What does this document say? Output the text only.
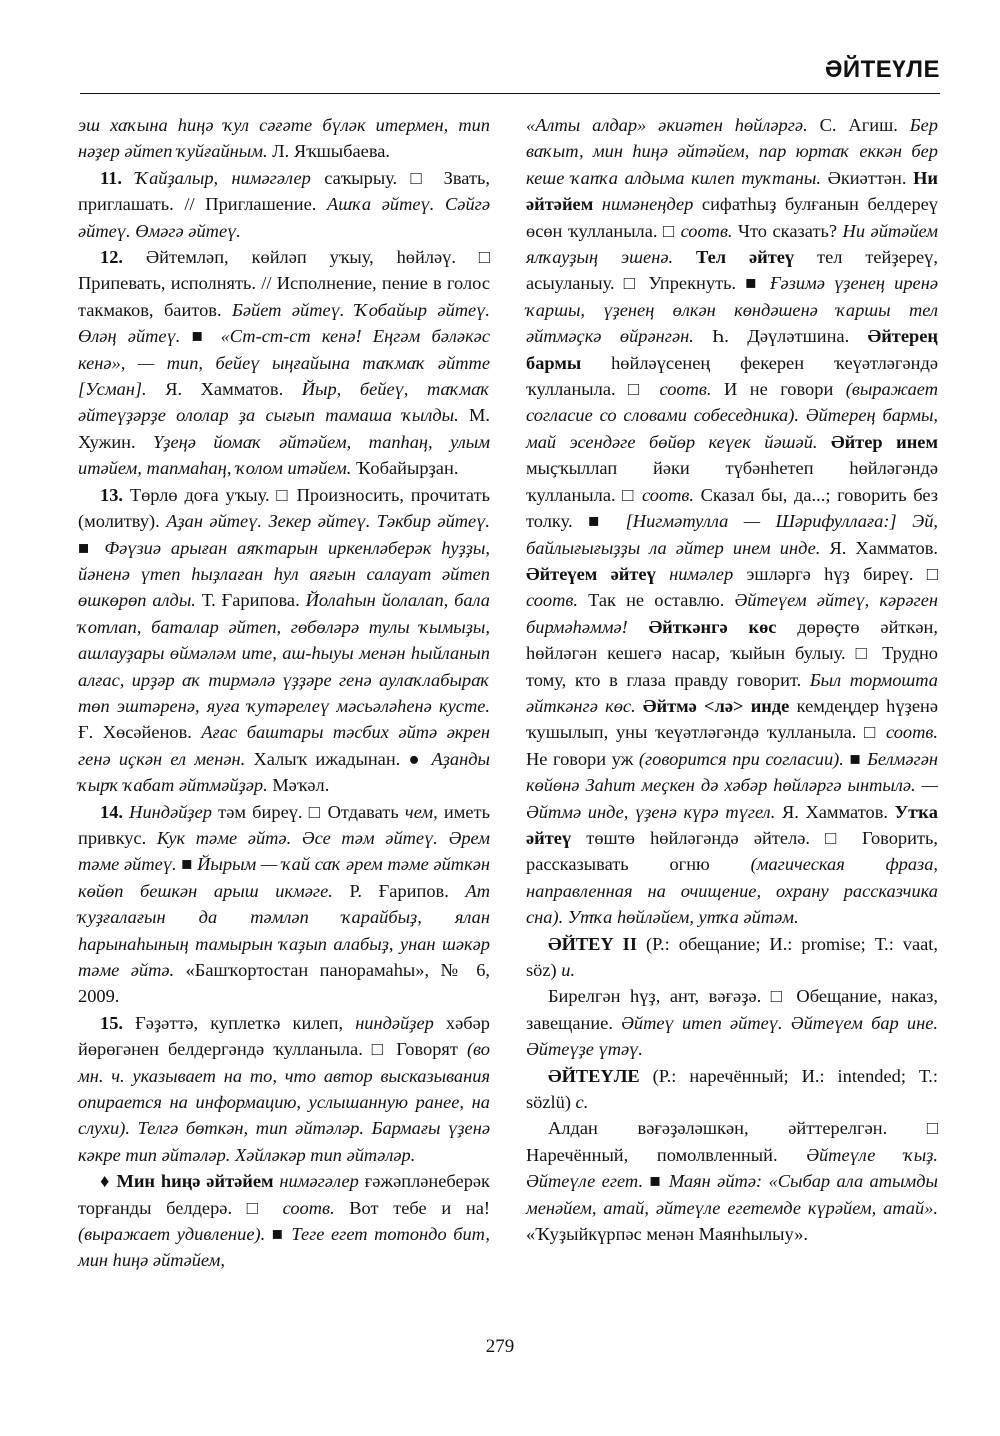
ӘЙТЕҮЛЕ

эш хаҡына һиңә ҡул сәғәте бүләк итермен, тип нәҙер әйтеп ҡуйғайным. Л. Яҡшыбаева.

11. Ҡайҙалыр, нимәгәлер саҡырыу. □ Звать, приглашать. // Приглашение. Ашҡа әйтеү. Сәйгә әйтеү. Өмәгә әйтеү.

12. Әйтемләп, көйләп уҡыу, һөйләү. □ Припевать, исполнять. // Исполнение, пение в голос такмаков, баитов. Бәйет әйтеү. Ҡобайыр әйтеү. Өләң әйтеү. ■ «Ст-ст-ст кенә! Еңгәм бәләкәс кенә», — тип, бейеү ыңғайына таҡмаҡ әйтте [Усман]. Я. Хамматов. Йыр, бейеү, таҡмаҡ әйтеүҙәрҙе ололар ҙа сығып тамаша ҡылды. М. Хужин. Үҙеңә йомаҡ әйтәйем, тапһаң, улым итәйем, тапмаһаң, ҡолом итәйем. Ҡобайырҙан.

13. Төрлө доға уҡыу. □ Произносить, прочитать (молитву). Аҙан әйтеү. Зекер әйтеү. Тәкбир әйтеү. ■ Фәүзиә арыған аяҡтарын иркенләберәк һуҙҙы, йәненә үтеп һыҙлаған һул аяғын салауат әйтеп өшкөрөп алды. Т. Ғарипова. Йолаһын йолалап, бала ҡотлап, баталар әйтеп, гөбөләрә тулы ҡымыҙы, ашлауҙары өймәләм ите, аш-һыуы менән һыйланып алғас, ирҙәр аҡ тирмәлә үҙҙәре генә аулаҡлабыраҡ төп эштәренә, яуға ҡутәрелеү мәсьәләһенә кусте. Ғ. Хөсәйенов. Ағас баштары тәсбих әйтә әкрен генә иҫкән ел менән. Халыҡ ижадынан. ● Аҙанды ҡырҡ ҡабат әйтмәйҙәр. Мәҡәл.

14. Ниндәйҙер тәм биреү. □ Отдавать чем, иметь привкус. Кук тәме әйтә. Әсе тәм әйтеү. Әрем тәме әйтеү. ■ Йырым — ҡай саҡ әрем тәме әйткән көйөп бешкән арыш икмәге. Р. Ғарипов. Ат ҡуҙғалағын да тәмләп ҡарайбыҙ, ялан һарынаһының тамырын ҡаҙып алабыҙ, унан шәкәр тәме әйтә. «Башҡортостан панорамаһы», № 6, 2009.

15. Ғәҙәттә, куплеткә килеп, ниндәйҙер хәбәр йөрөгәнен белдергәндә ҡулланыла. □ Говорят (во мн. ч. указывает на то, что автор высказывания опирается на информацию, услышанную ранее, на слухи). Телгә бөткән, тип әйтәләр. Бармағы үҙенә кәкре тип әйтәләр. Хәйләкәр тип әйтәләр.

♦ Мин һиңә әйтәйем нимәгәлер ғәжәпләнеберәк торғанды белдерә. □ соотв. Вот тебе и на! (выражает удивление). ■ Теге егет тотондо бит, мин һиңә әйтәйем,

«Алты алдар» әкиәтен һөйләргә. С. Агиш. Бер ваҡыт, мин һиңә әйтәйем, пар юртаҡ еккән бер кеше ҡапҡа алдыма килеп туҡтаны. Әкиәттән. Ни әйтәйем нимәнеңдер сифатһыҙ булғанын белдереү өсөн ҡулланыла. □ соотв. Что сказать? Ни әйтәйем ялҡауҙың эшенә. Тел әйтеү тел тейҙереү, асыуланыу. □ Упрекнуть. ■ Ғәзимә үҙенең иренә ҡаршы, үҙенең өлкән көндәшенә ҡаршы тел әйтмәҫкә өйрәнгән. Һ. Дәүләтшина. Әйтерең бармы һөйләүсенең фекерен ҡеүәтләгәндә ҡулланыла. □ соотв. И не говори (выражает согласие со словами собеседника). Әйтерең бармы, май эсендәге бөйөр кеүек йәшәй. Әйтер инем мыҫҡыллап йәки түбәнһетеп һөйләгәндә ҡулланыла. □ соотв. Сказал бы, да...; говорить без толку. ■ [Нигмәтулла — Шәрифуллаға:] Эй, байлығығыҙҙы ла әйтер инем инде. Я. Хамматов. Әйтеүем әйтеү нимәлер эшләргә һүҙ биреү. □ соотв. Так не оставлю. Әйтеүем әйтеү, кәрәген бирмәһәммә! Әйткәнгә көс дөрөҫтө әйткән, һөйләгән кешегә насар, ҡыйын булыу. □ Трудно тому, кто в глаза правду говорит. Был тормошта әйткәнгә көс. Әйтмә <лә> инде кемдеңдер һүҙенә ҡушылып, уны ҡеүәтләгәндә ҡулланыла. □ соотв. Не говори уж (говорится при согласии). ■ Белмәгән көйөнә Заһит меҫкен дә хәбәр һөйләргә ынтылә. — Әйтмә инде, үҙенә күрә түгел. Я. Хамматов. Утҡа әйтеү төштө һөйләгәндә әйтелә. □ Говорить, рассказывать огню (магическая фраза, направленная на очищение, охрану рассказчика сна). Утҡа һөйләйем, утҡа әйтәм.

ӘЙТЕҮ II (Р.: обещание; И.: promise; Т.: vaat, söz) и.

Бирелгән һүҙ, ант, вәғәҙә. □ Обещание, наказ, завещание. Әйтеү итеп әйтеү. Әйтеүем бар ине. Әйтеүҙе үтәү.

ӘЙТЕҮЛЕ (Р.: наречённый; И.: intended; Т.: sözlü) с.

Алдан вәғәҙәләшкән, әйттерелгән. □ Наречённый, помолвленный. Әйтеүле ҡыҙ. Әйтеүле егет. ■ Маян әйтә: «Сыбар ала атымды менәйем, атай, әйтеүле егетемде күрәйем, атай». «Ҡуҙыйкүрпәс менән Маянһылыу».

279
